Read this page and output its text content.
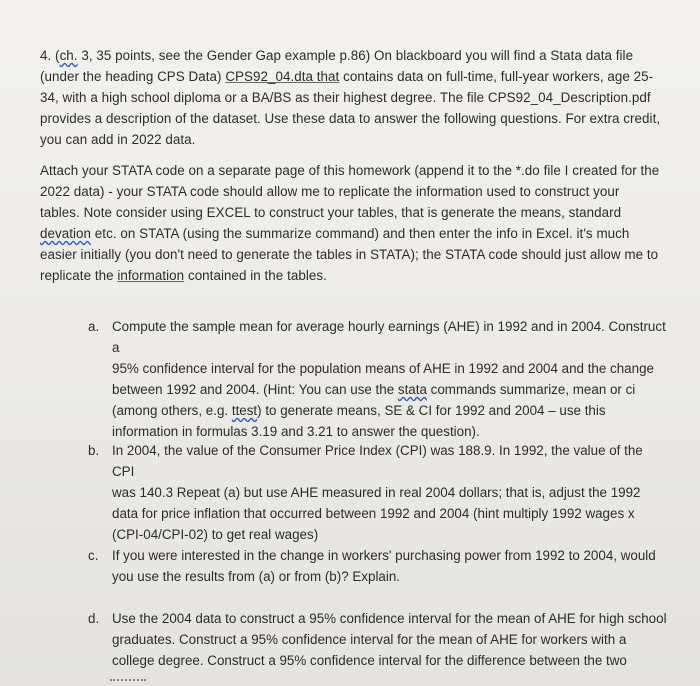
4. (ch. 3, 35 points, see the Gender Gap example p.86) On blackboard you will find a Stata data file

(under the heading CPS Data) CPS92_04.dta that contains data on full-time, full-year workers, age 25-

34, with a high school diploma or a BA/BS as their highest degree. The file CPS92_04_Description.pdf

provides a description of the dataset. Use these data to answer the following questions. For extra credit,

you can add in 2022 data.

Attach your STATA code on a separate page of this homework (append it to the *.do file I created for the

2022 data) - your STATA code should allow me to replicate the information used to construct your

tables. Note consider using EXCEL to construct your tables, that is generate the means, standard

devation etc. on STATA (using the summarize command) and then enter the info in Excel. it's much

easier initially (you don't need to generate the tables in STATA); the STATA code should just allow me to

replicate the information contained in the tables.

a. Compute the sample mean for average hourly earnings (AHE) in 1992 and in 2004. Construct a

95% confidence interval for the population means of AHE in 1992 and 2004 and the change

between 1992 and 2004. (Hint: You can use the stata commands summarize, mean or ci

(among others, e.g. ttest) to generate means, SE & CI for 1992 and 2004 – use this

information in formulas 3.19 and 3.21 to answer the question).

b. In 2004, the value of the Consumer Price Index (CPI) was 188.9. In 1992, the value of the CPI

was 140.3 Repeat (a) but use AHE measured in real 2004 dollars; that is, adjust the 1992

data for price inflation that occurred between 1992 and 2004 (hint multiply 1992 wages x

(CPI-04/CPI-02) to get real wages)

c. If you were interested in the change in workers' purchasing power from 1992 to 2004, would

you use the results from (a) or from (b)? Explain.

d. Use the 2004 data to construct a 95% confidence interval for the mean of AHE for high school

graduates. Construct a 95% confidence interval for the mean of AHE for workers with a

college degree. Construct a 95% confidence interval for the difference between the two
